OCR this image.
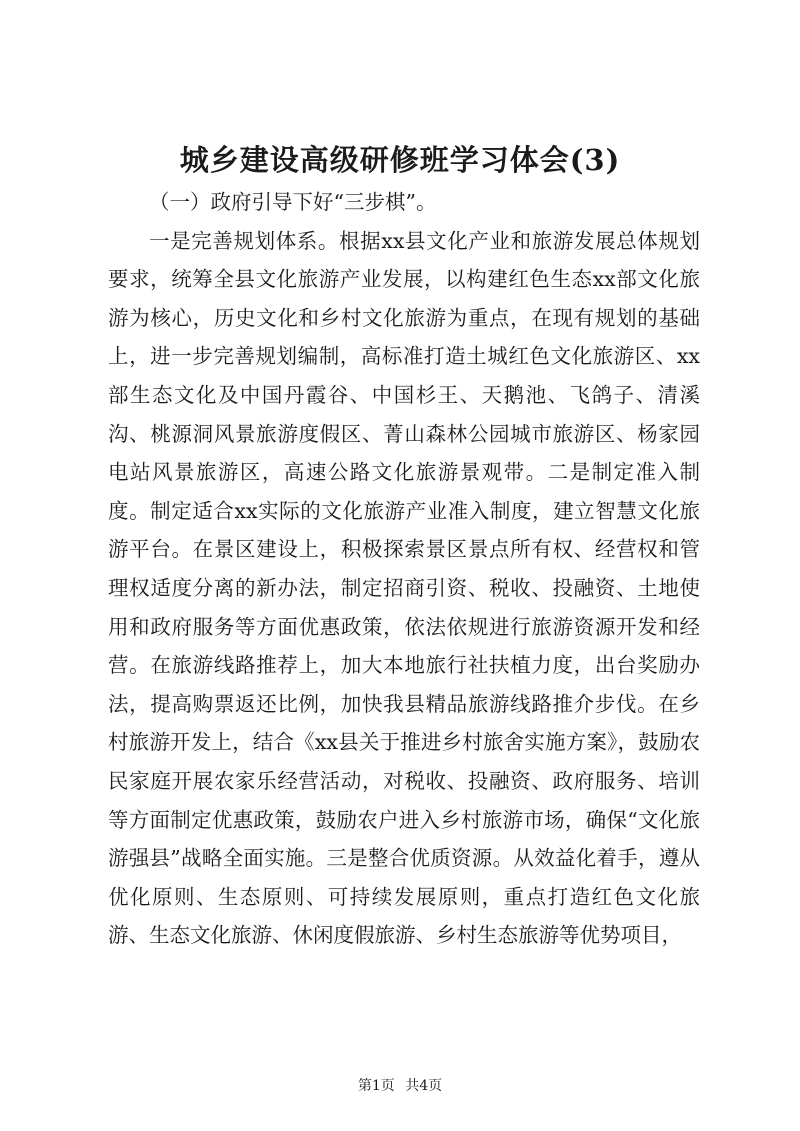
城乡建设高级研修班学习体会(3)

（一）政府引导下好“三步棋”。

一是完善规划体系。根据xx县文化产业和旅游发展总体规划要求，统筹全县文化旅游产业发展，以构建红色生态xx部文化旅游为核心，历史文化和乡村文化旅游为重点，在现有规划的基础上，进一步完善规划编制，高标准打造土城红色文化旅游区、xx部生态文化及中国丹霞谷、中国杉王、天鹅池、飞鸽子、清溪沟、桃源洞风景旅游度假区、菁山森林公园城市旅游区、杨家园电站风景旅游区，高速公路文化旅游景观带。二是制定准入制度。制定适合xx实际的文化旅游产业准入制度，建立智慧文化旅游平台。在景区建设上，积极探索景区景点所有权、经营权和管理权适度分离的新办法，制定招商引资、税收、投融资、土地使用和政府服务等方面优惠政策，依法依规进行旅游资源开发和经营。在旅游线路推荐上，加大本地旅行社扶植力度，出台奖励办法，提高购票返还比例，加快我县精品旅游线路推介步伐。在乡村旅游开发上，结合《xx县关于推进乡村旅舍实施方案》，鼓励农民家庭开展农家乐经营活动，对税收、投融资、政府服务、培训等方面制定优惠政策，鼓励农户进入乡村旅游市场，确保“文化旅游强县”战略全面实施。三是整合优质资源。从效益化着手，遵从优化原则、生态原则、可持续发展原则，重点打造红色文化旅游、生态文化旅游、休闲度假旅游、乡村生态旅游等优势项目，

第1页 共4页
